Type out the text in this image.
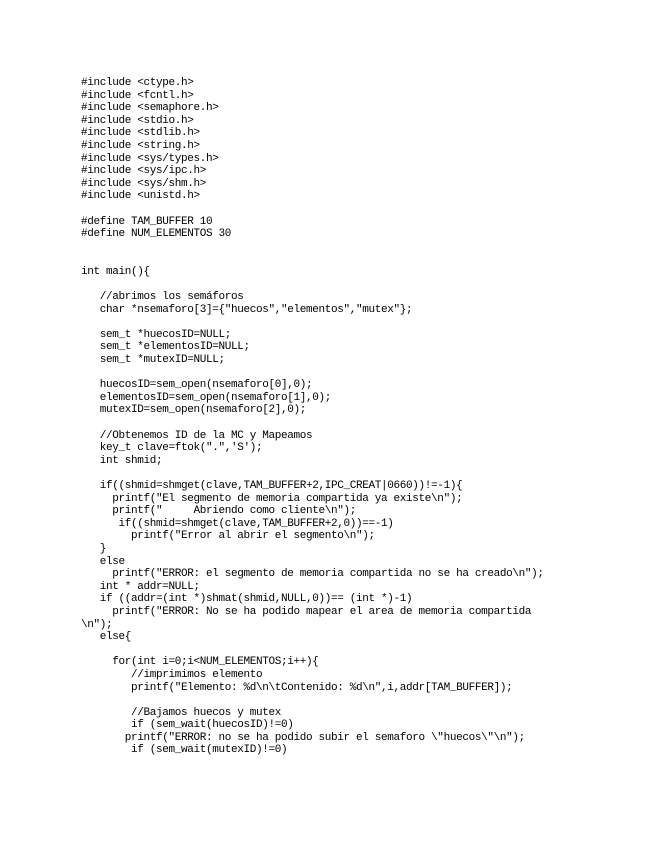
#include <ctype.h>
#include <fcntl.h>
#include <semaphore.h>
#include <stdio.h>
#include <stdlib.h>
#include <string.h>
#include <sys/types.h>
#include <sys/ipc.h>
#include <sys/shm.h>
#include <unistd.h>

#define TAM_BUFFER 10
#define NUM_ELEMENTOS 30

int main(){

//abrimos los semáforos
char *nsemaforo[3]={"huecos","elementos","mutex"};

sem_t *huecosID=NULL;
sem_t *elementosID=NULL;
sem_t *mutexID=NULL;

huecosID=sem_open(nsemaforo[0],0);
elementosID=sem_open(nsemaforo[1],0);
mutexID=sem_open(nsemaforo[2],0);

//Obtenemos ID de la MC y Mapeamos
key_t clave=ftok(".",'S');
int shmid;

if((shmid=shmget(clave,TAM_BUFFER+2,IPC_CREAT|0660))!=-1){
printf("El segmento de memoria compartida ya existe\n");
printf("     Abriendo como cliente\n");
if((shmid=shmget(clave,TAM_BUFFER+2,0))==-1)
printf("Error al abrir el segmento\n");
}
else
printf("ERROR: el segmento de memoria compartida no se ha creado\n");
int * addr=NULL;
if ((addr=(int *)shmat(shmid,NULL,0))== (int *)-1)
printf("ERROR: No se ha podido mapear el area de memoria compartida
\n");
else{

for(int i=0;i<NUM_ELEMENTOS;i++){
//imprimimos elemento
printf("Elemento: %d\n\tContenido: %d\n",i,addr[TAM_BUFFER]);

//Bajamos huecos y mutex
if (sem_wait(huecosID)!=0)
printf("ERROR: no se ha podido subir el semaforo \"huecos\"\n");
if (sem_wait(mutexID)!=0)
